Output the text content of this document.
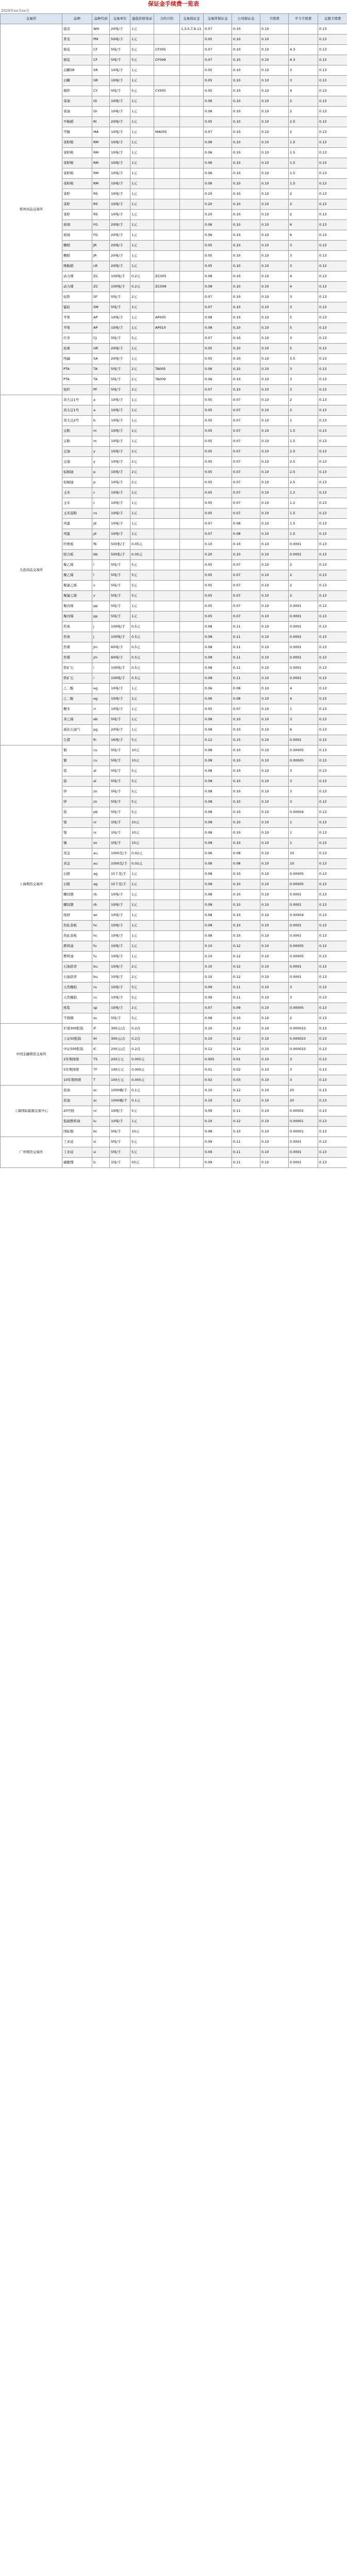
保证金手续费一览表
2020年xx月xx日
交易所	品种	品种代码	交易单位	最低价格变动	合约月份	交易保证金	交易所保证金	公司保证金	手续费	平今手续费	交割手续费	
郑州商品交易所	强麦	WH	20吨/手	1元		1,3,5,7,9,11	0.07	0.10	0.10		0.13	
	普麦	PM	50吨/手	1元			0.05	0.10	0.10		0.13	
	棉花	CF	5吨/手	5元	CF005		0.07	0.10	0.10	4.3	0.13	
	棉花	CF	5吨/手	5元	CF009		0.07	0.10	0.10	4.3	0.13	
	白糖SR	SR	10吨/手	1元			0.05	0.10	0.10	3	0.13	
	白糖	SR	10吨/手	1元			0.05	0.10	0.10	3	0.13	
	棉纱	CY	5吨/手	5元	CY005		0.05	0.10	0.10	4	0.13	
	菜油	OI	10吨/手	1元			0.06	0.10	0.10	2	0.13	
	菜油	OI	10吨/手	1元			0.06	0.10	0.10	2	0.13	
	早籼稻	RI	20吨/手	1元			0.05	0.10	0.10	2.5	0.13	
	甲醇	MA	10吨/手	1元	MA005		0.07	0.10	0.10	2	0.13	
	菜籽粕	RM	10吨/手	1元			0.06	0.10	0.10	1.5	0.13	
	菜籽粕	RM	10吨/手	1元			0.06	0.10	0.10	1.5	0.13	
	菜籽粕	RM	10吨/手	1元			0.06	0.10	0.10	1.5	0.13	
	菜籽粕	RM	10吨/手	1元			0.06	0.10	0.10	1.5	0.13	
	菜籽粕	RM	10吨/手	1元			0.06	0.10	0.10	1.5	0.13	
	菜籽	RS	10吨/手	1元			0.20	0.10	0.10	2	0.13	
	菜籽	RS	10吨/手	1元			0.20	0.10	0.10	2	0.13	
	菜籽	RS	10吨/手	1元			0.20	0.10	0.10	2	0.13	
	玻璃	FG	20吨/手	1元			0.06	0.10	0.10	6	0.13	
	玻璃	FG	20吨/手	1元			0.06	0.10	0.10	6	0.13	
	粳稻	JR	20吨/手	1元			0.05	0.10	0.10	3	0.13	
	粳稻	JR	20吨/手	1元			0.05	0.10	0.10	3	0.13	
	晚籼稻	LR	20吨/手	1元			0.05	0.10	0.10	3	0.13	
	动力煤	ZC	100吨/手	0.2元	ZC005		0.08	0.10	0.10	4	0.13	
	动力煤	ZC	100吨/手	0.2元	ZC009		0.08	0.10	0.10	4	0.13	
	硅铁	SF	5吨/手	2元			0.07	0.10	0.10	3	0.13	
	锰硅	SM	5吨/手	2元			0.07	0.10	0.10	3	0.13	
	苹果	AP	10吨/手	1元	AP005		0.08	0.10	0.10	5	0.13	
	苹果	AP	10吨/手	1元	AP010		0.08	0.10	0.10	5	0.13	
	红枣	CJ	5吨/手	5元			0.07	0.10	0.10	3	0.13	
	尿素	UR	20吨/手	1元			0.05	0.10	0.10	5	0.13	
	纯碱	SA	20吨/手	1元			0.05	0.10	0.10	3.5	0.13	
	PTA	TA	5吨/手	2元	TA005		0.06	0.10	0.10	3	0.13	
	PTA	TA	5吨/手	2元	TA009		0.06	0.10	0.10	3	0.13	
	短纤	PF	5吨/手	2元			0.07	0.10	0.10	3	0.13	
大连商品交易所	黄大豆1号	a	10吨/手	1元			0.05	0.07	0.10	2	0.13	
	黄大豆1号	a	10吨/手	1元			0.05	0.07	0.10	2	0.13	
	黄大豆2号	b	10吨/手	1元			0.05	0.07	0.10	1	0.13	
	豆粕	m	10吨/手	1元			0.05	0.07	0.10	1.5	0.13	
	豆粕	m	10吨/手	1元			0.05	0.07	0.10	1.5	0.13	
	豆油	y	10吨/手	2元			0.05	0.07	0.10	2.5	0.13	
	豆油	y	10吨/手	2元			0.05	0.07	0.10	2.5	0.13	
	棕榈油	p	10吨/手	2元			0.05	0.07	0.10	2.5	0.13	
	棕榈油	p	10吨/手	2元			0.05	0.07	0.10	2.5	0.13	
	玉米	c	10吨/手	1元			0.05	0.07	0.10	1.2	0.13	
	玉米	c	10吨/手	1元			0.05	0.07	0.10	1.2	0.13	
	玉米淀粉	cs	10吨/手	1元			0.05	0.07	0.10	1.5	0.13	
	鸡蛋	jd	10吨/手	1元			0.07	0.08	0.10	1.5	0.13	
	鸡蛋	jd	10吨/手	1元			0.07	0.08	0.10	1.5	0.13	
	纤维板	fb	500张/手	0.05元			0.10	0.10	0.10	0.0001	0.13	
	胶合板	bb	500张/手	0.05元			0.20	0.10	0.10	0.0001	0.13	
	聚乙烯	l	5吨/手	5元			0.05	0.07	0.10	2	0.13	
	聚乙烯	l	5吨/手	5元			0.05	0.07	0.10	2	0.13	
	聚氯乙烯	v	5吨/手	5元			0.05	0.07	0.10	2	0.13	
	聚氯乙烯	v	5吨/手	5元			0.05	0.07	0.10	2	0.13	
	聚丙烯	pp	5吨/手	1元			0.05	0.07	0.10	0.0001	0.13	
	聚丙烯	pp	5吨/手	1元			0.05	0.07	0.10	0.0001	0.13	
	焦炭	j	100吨/手	0.5元			0.08	0.11	0.10	0.0001	0.13	
	焦炭	j	100吨/手	0.5元			0.08	0.11	0.10	0.0001	0.13	
	焦煤	jm	60吨/手	0.5元			0.08	0.11	0.10	0.0001	0.13	
	焦煤	jm	60吨/手	0.5元			0.08	0.11	0.10	0.0001	0.13	
	铁矿石	i	100吨/手	0.5元			0.08	0.11	0.10	0.0001	0.13	
	铁矿石	i	100吨/手	0.5元			0.08	0.11	0.10	0.0001	0.13	
	乙二醇	eg	10吨/手	1元			0.06	0.08	0.10	4	0.13	
	乙二醇	eg	10吨/手	1元			0.06	0.08	0.10	4	0.13	
	粳米	rr	10吨/手	1元			0.05	0.07	0.10	1	0.13	
	苯乙烯	eb	5吨/手	1元			0.08	0.10	0.10	3	0.13	
	液化石油气	pg	20吨/手	1元			0.08	0.10	0.10	6	0.13	
	生猪	lh	16吨/手	5元			0.12	0.15	0.10	0.0001	0.13	
上海期货交易所	铜	cu	5吨/手	10元			0.08	0.10	0.10	0.00005	0.13	
	铜	cu	5吨/手	10元			0.08	0.10	0.10	0.00005	0.13	
	铝	al	5吨/手	5元			0.08	0.10	0.10	3	0.13	
	铝	al	5吨/手	5元			0.08	0.10	0.10	3	0.13	
	锌	zn	5吨/手	5元			0.08	0.10	0.10	3	0.13	
	锌	zn	5吨/手	5元			0.08	0.10	0.10	3	0.13	
	铅	pb	5吨/手	5元			0.08	0.10	0.10	0.00004	0.13	
	镍	ni	1吨/手	10元			0.08	0.10	0.10	1	0.13	
	镍	ni	1吨/手	10元			0.08	0.10	0.10	1	0.13	
	锡	sn	1吨/手	10元			0.08	0.10	0.10	1	0.13	
	黄金	au	1000克/手	0.02元			0.06	0.08	0.10	10	0.13	
	黄金	au	1000克/手	0.02元			0.06	0.08	0.10	10	0.13	
	白银	ag	15千克/手	1元			0.08	0.10	0.10	0.00005	0.13	
	白银	ag	15千克/手	1元			0.08	0.10	0.10	0.00005	0.13	
	螺纹钢	rb	10吨/手	1元			0.08	0.10	0.10	0.0001	0.13	
	螺纹钢	rb	10吨/手	1元			0.08	0.10	0.10	0.0001	0.13	
	线材	wr	10吨/手	1元			0.08	0.10	0.10	0.00004	0.13	
	热轧卷板	hc	10吨/手	1元			0.08	0.10	0.10	0.0001	0.13	
	热轧卷板	hc	10吨/手	1元			0.08	0.10	0.10	0.0001	0.13	
	燃料油	fu	10吨/手	1元			0.10	0.12	0.10	0.00005	0.13	
	燃料油	fu	10吨/手	1元			0.10	0.12	0.10	0.00005	0.13	
	石油沥青	bu	10吨/手	2元			0.10	0.12	0.10	0.0001	0.13	
	石油沥青	bu	10吨/手	2元			0.10	0.12	0.10	0.0001	0.13	
	天然橡胶	ru	10吨/手	5元			0.09	0.11	0.10	3	0.13	
	天然橡胶	ru	10吨/手	5元			0.09	0.11	0.10	3	0.13	
	纸浆	sp	10吨/手	2元			0.07	0.09	0.10	0.00005	0.13	
	不锈钢	ss	5吨/手	5元			0.08	0.10	0.10	2	0.13	
中国金融期货交易所	沪深300股指	IF	300元/点	0.2点			0.10	0.12	0.10	0.000023	0.13	
	上证50股指	IH	300元/点	0.2点			0.10	0.12	0.10	0.000023	0.13	
	中证500股指	IC	200元/点	0.2点			0.12	0.14	0.10	0.000023	0.13	
	2年期国债	TS	200万元	0.005元			0.005	0.01	0.10	3	0.13	
	5年期国债	TF	100万元	0.005元			0.01	0.02	0.10	3	0.13	
	10年期国债	T	100万元	0.005元			0.02	0.03	0.10	3	0.13	
上海国际能源交易中心	原油	sc	1000桶/手	0.1元			0.10	0.12	0.10	20	0.13	
	原油	sc	1000桶/手	0.1元			0.10	0.12	0.10	20	0.13	
	20号胶	nr	10吨/手	5元			0.09	0.11	0.10	0.00002	0.13	
	低硫燃料油	lu	10吨/手	1元			0.10	0.12	0.10	0.00001	0.13	
	国际铜	bc	5吨/手	10元			0.08	0.10	0.10	0.00001	0.13	
广州期货交易所	工业硅	si	5吨/手	5元			0.09	0.11	0.10	0.0001	0.13	
	工业硅	si	5吨/手	5元			0.09	0.11	0.10	0.0001	0.13	
	碳酸锂	lc	1吨/手	50元			0.09	0.11	0.10	0.0001	0.13	
